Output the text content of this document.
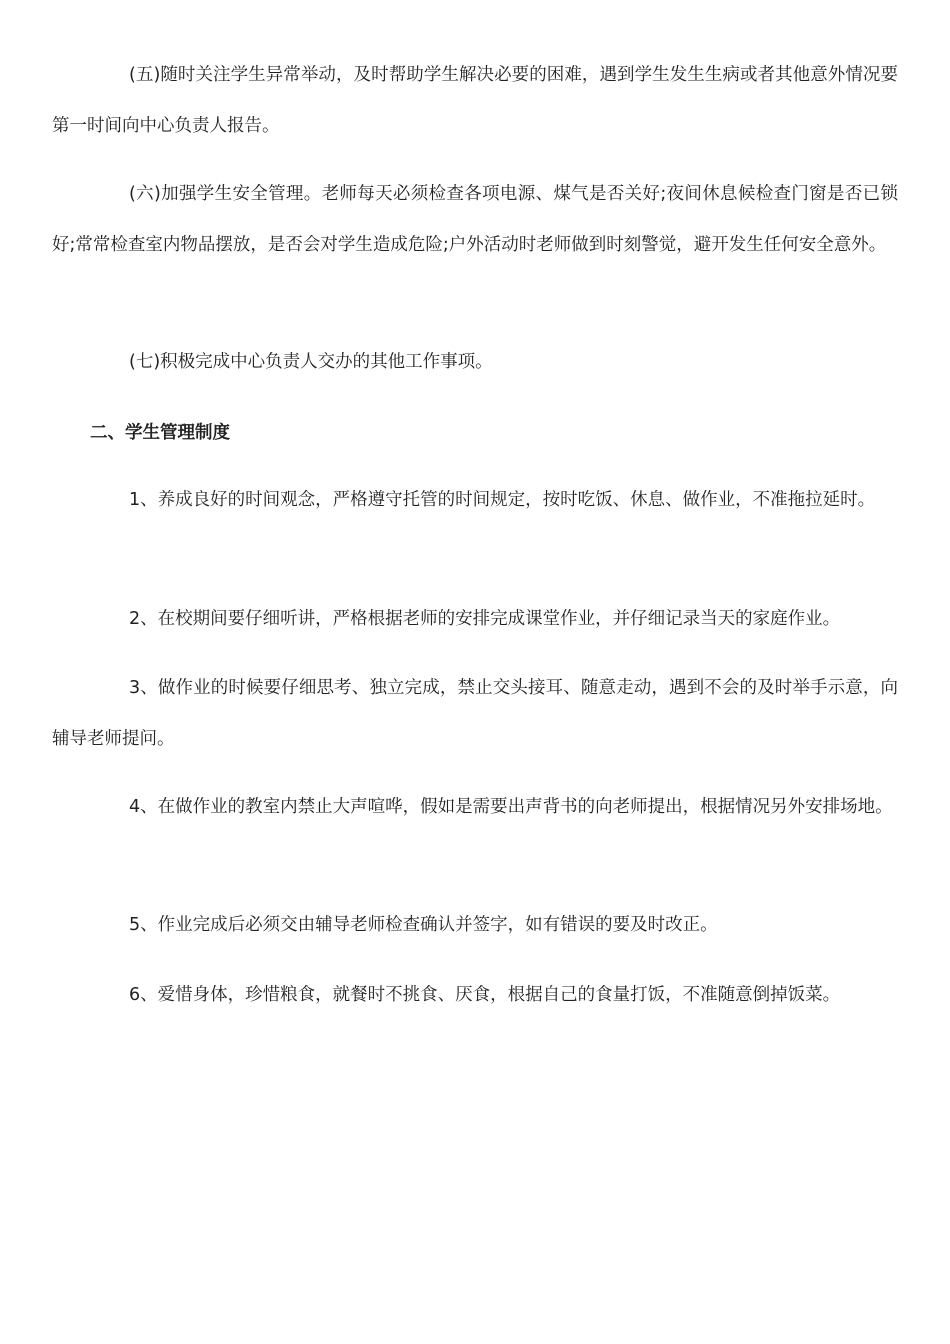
(五)随时关注学生异常举动，及时帮助学生解决必要的困难，遇到学生发生生病或者其他意外情况要第一时间向中心负责人报告。

(六)加强学生安全管理。老师每天必须检查各项电源、煤气是否关好;夜间休息候检查门窗是否已锁好;常常检查室内物品摆放，是否会对学生造成危险;户外活动时老师做到时刻警觉，避开发生任何安全意外。

(七)积极完成中心负责人交办的其他工作事项。

二、学生管理制度

1、养成良好的时间观念，严格遵守托管的时间规定，按时吃饭、休息、做作业，不准拖拉延时。

2、在校期间要仔细听讲，严格根据老师的安排完成课堂作业，并仔细记录当天的家庭作业。

3、做作业的时候要仔细思考、独立完成，禁止交头接耳、随意走动，遇到不会的及时举手示意，向辅导老师提问。

4、在做作业的教室内禁止大声喧哗，假如是需要出声背书的向老师提出，根据情况另外安排场地。

5、作业完成后必须交由辅导老师检查确认并签字，如有错误的要及时改正。

6、爱惜身体，珍惜粮食，就餐时不挑食、厌食，根据自己的食量打饭，不准随意倒掉饭菜。
